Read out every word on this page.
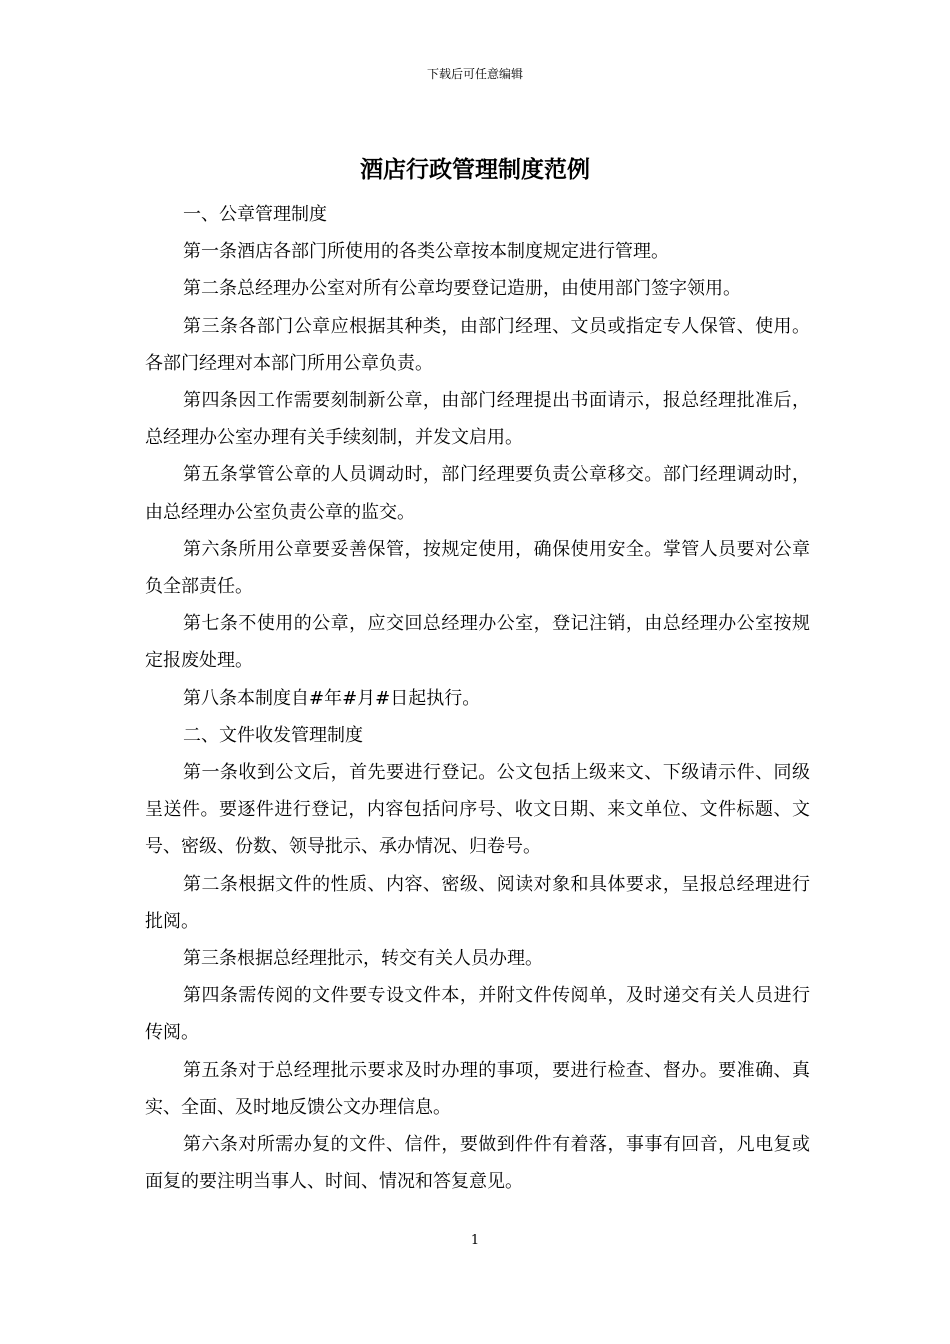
下载后可任意编辑
酒店行政管理制度范例

一、公章管理制度

第一条酒店各部门所使用的各类公章按本制度规定进行管理。

第二条总经理办公室对所有公章均要登记造册，由使用部门签字领用。

第三条各部门公章应根据其种类，由部门经理、文员或指定专人保管、使用。各部门经理对本部门所用公章负责。

第四条因工作需要刻制新公章，由部门经理提出书面请示，报总经理批准后，总经理办公室办理有关手续刻制，并发文启用。

第五条掌管公章的人员调动时，部门经理要负责公章移交。部门经理调动时，由总经理办公室负责公章的监交。

第六条所用公章要妥善保管，按规定使用，确保使用安全。掌管人员要对公章负全部责任。

第七条不使用的公章，应交回总经理办公室，登记注销，由总经理办公室按规定报废处理。

第八条本制度自#年#月#日起执行。

二、文件收发管理制度

第一条收到公文后，首先要进行登记。公文包括上级来文、下级请示件、同级呈送件。要逐件进行登记，内容包括问序号、收文日期、来文单位、文件标题、文号、密级、份数、领导批示、承办情况、归卷号。

第二条根据文件的性质、内容、密级、阅读对象和具体要求，呈报总经理进行批阅。

第三条根据总经理批示，转交有关人员办理。

第四条需传阅的文件要专设文件本，并附文件传阅单，及时递交有关人员进行传阅。

第五条对于总经理批示要求及时办理的事项，要进行检查、督办。要准确、真实、全面、及时地反馈公文办理信息。

第六条对所需办复的文件、信件，要做到件件有着落，事事有回音，凡电复或面复的要注明当事人、时间、情况和答复意见。

1
